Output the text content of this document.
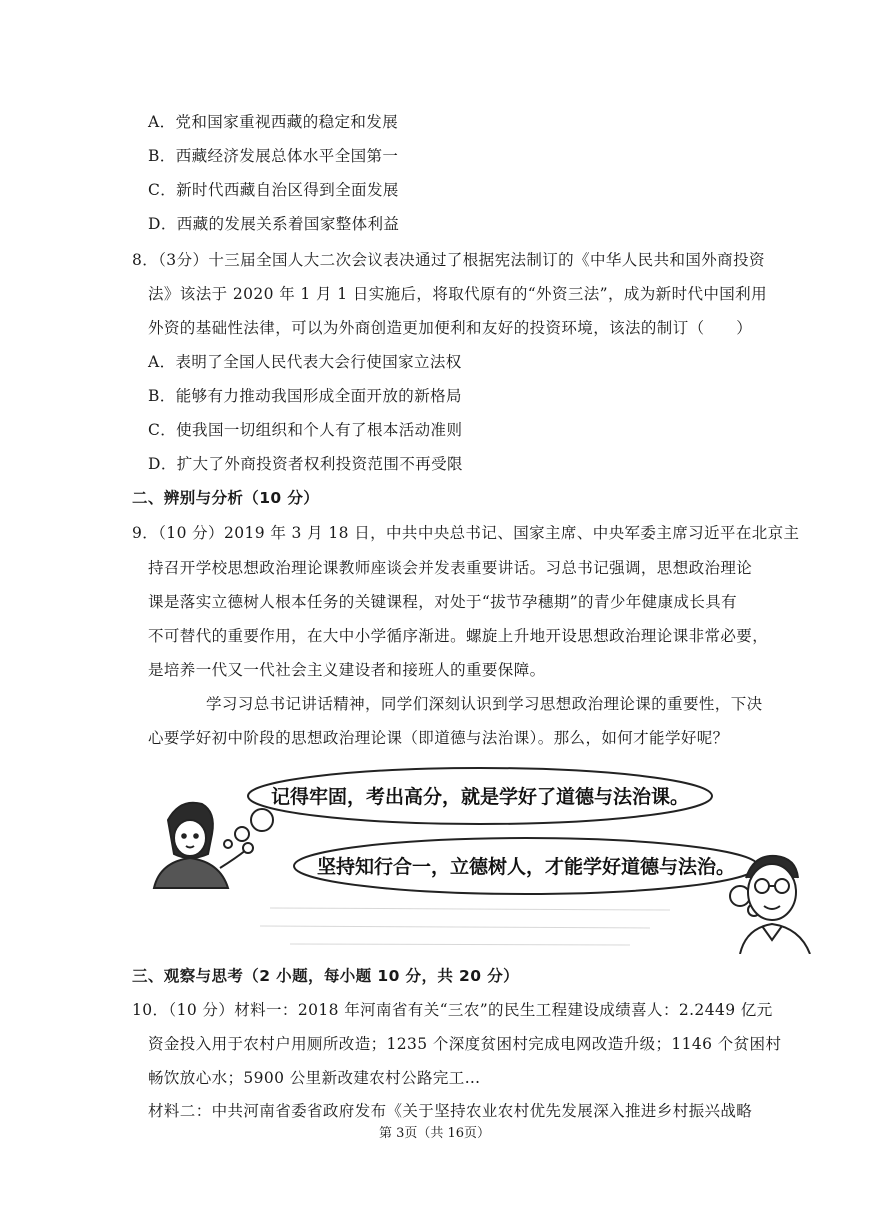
A．党和国家重视西藏的稳定和发展
B．西藏经济发展总体水平全国第一
C．新时代西藏自治区得到全面发展
D．西藏的发展关系着国家整体利益
8．（3分）十三届全国人大二次会议表决通过了根据宪法制订的《中华人民共和国外商投资
法》该法于 2020 年 1 月 1 日实施后，将取代原有的“外资三法”，成为新时代中国利用
外资的基础性法律，可以为外商创造更加便利和友好的投资环境，该法的制订（　　）
A．表明了全国人民代表大会行使国家立法权
B．能够有力推动我国形成全面开放的新格局
C．使我国一切组织和个人有了根本活动准则
D．扩大了外商投资者权利投资范围不再受限
二、辨别与分析（10 分）
9．（10 分）2019 年 3 月 18 日，中共中央总书记、国家主席、中央军委主席习近平在北京主
持召开学校思想政治理论课教师座谈会并发表重要讲话。习总书记强调，思想政治理论
课是落实立德树人根本任务的关键课程，对处于“拔节孕穗期”的青少年健康成长具有
不可替代的重要作用，在大中小学循序渐进。螺旋上升地开设思想政治理论课非常必要，
是培养一代又一代社会主义建设者和接班人的重要保障。
学习习总书记讲话精神，同学们深刻认识到学习思想政治理论课的重要性，下决
心要学好初中阶段的思想政治理论课（即道德与法治课）。那么，如何才能学好呢？
记得牢固，考出高分，就是学好了道德与法治课。
坚持知行合一，立德树人，才能学好道德与法治。
三、观察与思考（2 小题，每小题 10 分，共 20 分）
10．（10 分）材料一：2018 年河南省有关“三农”的民生工程建设成绩喜人：2.2449 亿元
资金投入用于农村户用厕所改造；1235 个深度贫困村完成电网改造升级；1146 个贫困村
畅饮放心水；5900 公里新改建农村公路完工…
材料二：中共河南省委省政府发布《关于坚持农业农村优先发展深入推进乡村振兴战略
第 3页（共 16页）
